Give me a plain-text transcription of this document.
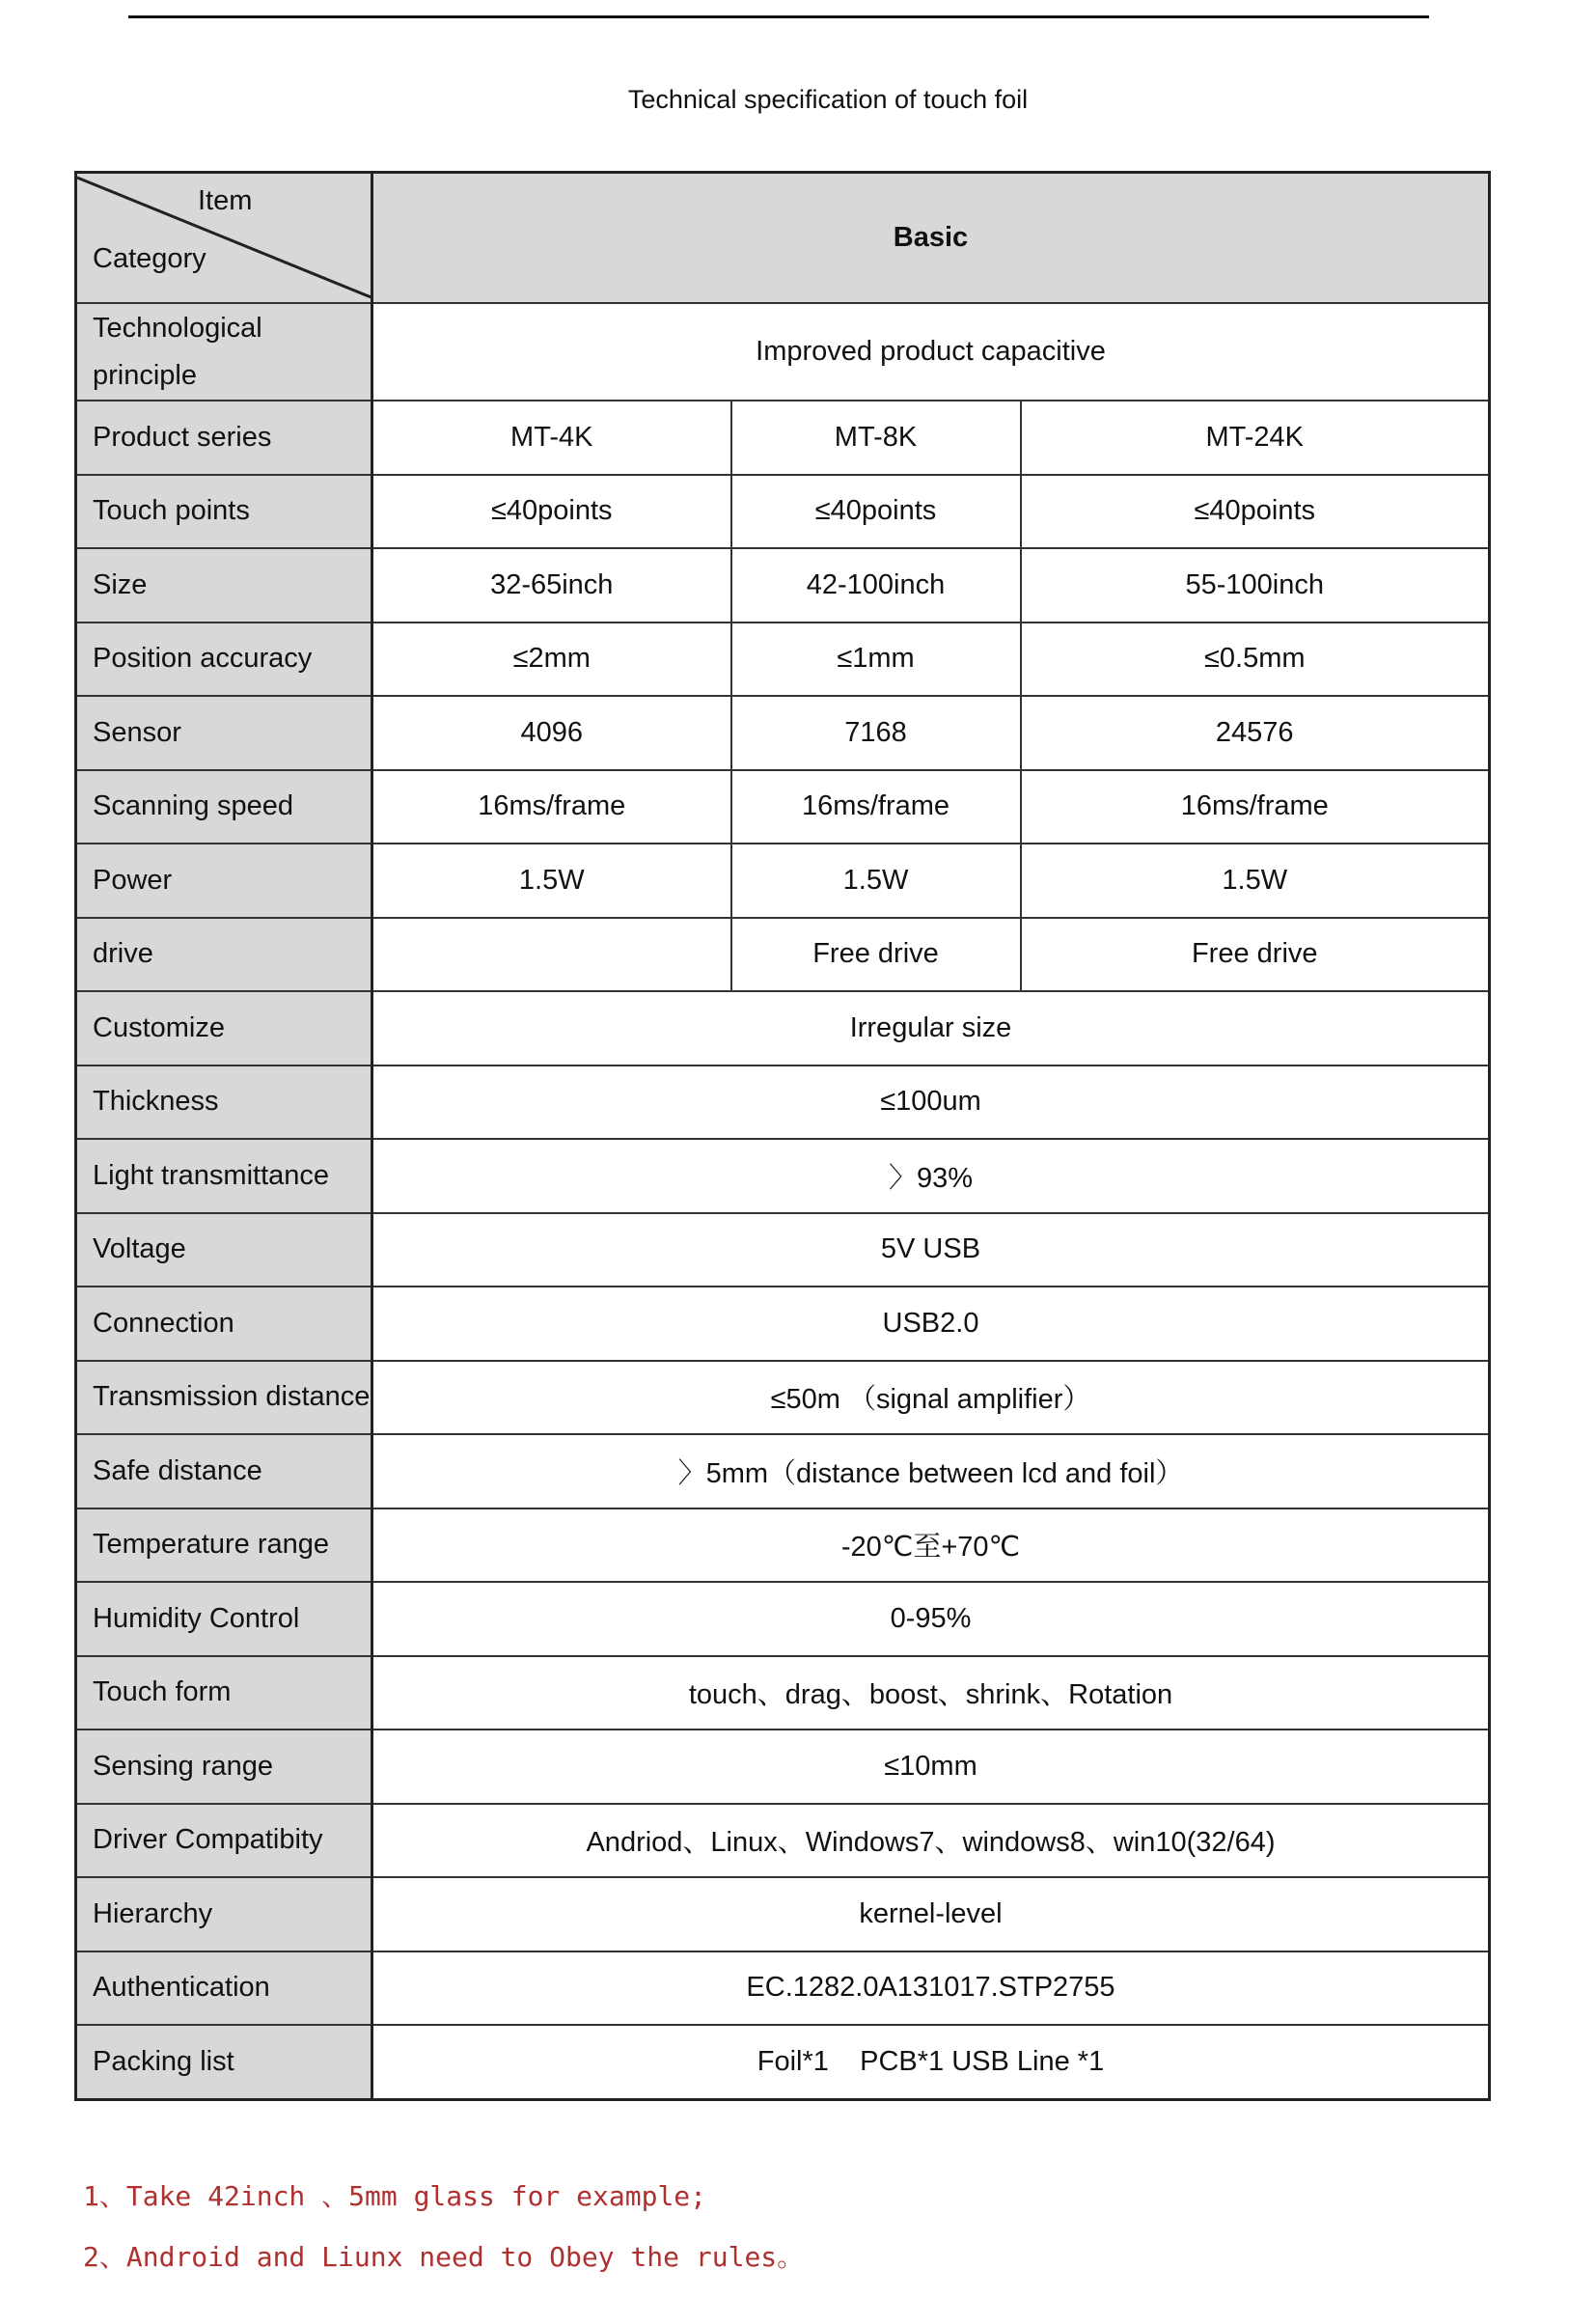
Technical specification of touch foil
Item
Category	Basic		

Technological
principle	Improved product capacitive		
Product series	MT-4K	MT-8K	MT-24K
Touch points	≤40points	≤40points	≤40points
Size	32-65inch	42-100inch	55-100inch
Position accuracy	≤2mm	≤1mm	≤0.5mm
Sensor	4096	7168	24576
Scanning speed	16ms/frame	16ms/frame	16ms/frame
Power	1.5W	1.5W	1.5W
drive		Free drive	Free drive
Customize	Irregular size		
Thickness	≤100um		
Light transmittance	〉93%		
Voltage	5V USB		
Connection	USB2.0		
Transmission distance	≤50m （signal amplifier）		
Safe distance	〉5mm（distance between lcd and foil）		
Temperature range	-20℃至+70℃		
Humidity Control	0-95%		
Touch form	touch、drag、boost、shrink、Rotation		
Sensing range	≤10mm		
Driver Compatibity	Andriod、Linux、Windows7、windows8、win10(32/64)		
Hierarchy	kernel-level		
Authentication	EC.1282.0A131017.STP2755		
Packing list	Foil*1    PCB*1 USB Line *1		
1、Take 42inch 、5mm glass for example;
2、Android and Liunx need to Obey the rules。
